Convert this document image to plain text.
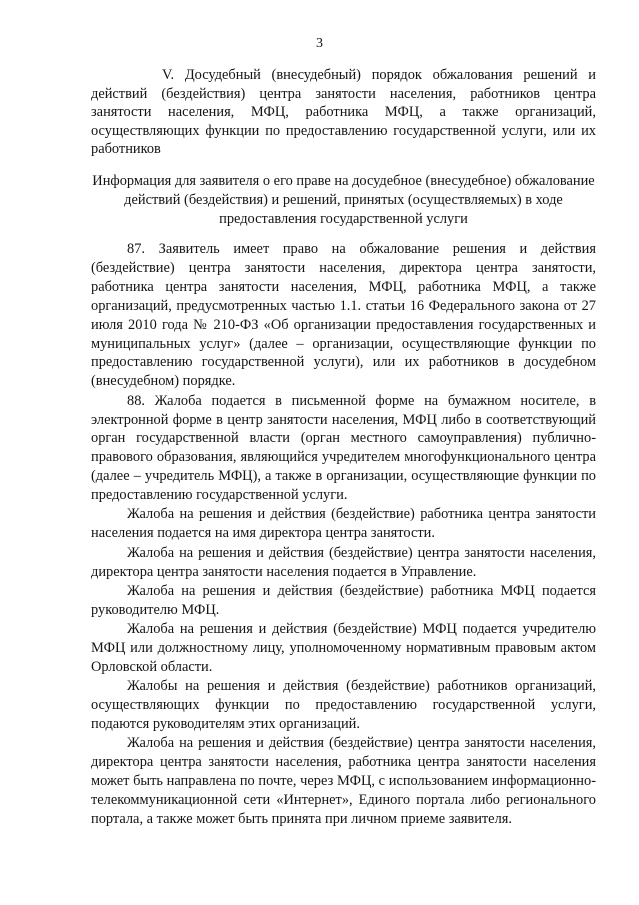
3
V. Досудебный (внесудебный) порядок обжалования решений и действий (бездействия) центра занятости населения, работников центра занятости населения, МФЦ, работника МФЦ, а также организаций, осуществляющих функции по предоставлению государственной услуги, или их работников
Информация для заявителя о его праве на досудебное (внесудебное) обжалование действий (бездействия) и решений, принятых (осуществляемых) в ходе предоставления государственной услуги

87. Заявитель имеет право на обжалование решения и действия (бездействие) центра занятости населения, директора центра занятости, работника центра занятости населения, МФЦ, работника МФЦ, а также организаций, предусмотренных частью 1.1. статьи 16 Федерального закона от 27 июля 2010 года № 210-ФЗ «Об организации предоставления государственных и муниципальных услуг» (далее – организации, осуществляющие функции по предоставлению государственной услуги), или их работников в досудебном (внесудебном) порядке.

88. Жалоба подается в письменной форме на бумажном носителе, в электронной форме в центр занятости населения, МФЦ либо в соответствующий орган государственной власти (орган местного самоуправления) публично-правового образования, являющийся учредителем многофункционального центра (далее – учредитель МФЦ), а также в организации, осуществляющие функции по предоставлению государственной услуги.

Жалоба на решения и действия (бездействие) работника центра занятости населения подается на имя директора центра занятости.

Жалоба на решения и действия (бездействие) центра занятости населения, директора центра занятости населения подается в Управление.

Жалоба на решения и действия (бездействие) работника МФЦ подается руководителю МФЦ.

Жалоба на решения и действия (бездействие) МФЦ подается учредителю МФЦ или должностному лицу, уполномоченному нормативным правовым актом Орловской области.

Жалобы на решения и действия (бездействие) работников организаций, осуществляющих функции по предоставлению государственной услуги, подаются руководителям этих организаций.

Жалоба на решения и действия (бездействие) центра занятости населения, директора центра занятости населения, работника центра занятости населения может быть направлена по почте, через МФЦ, с использованием информационно-телекоммуникационной сети «Интернет», Единого портала либо регионального портала, а также может быть принята при личном приеме заявителя.
